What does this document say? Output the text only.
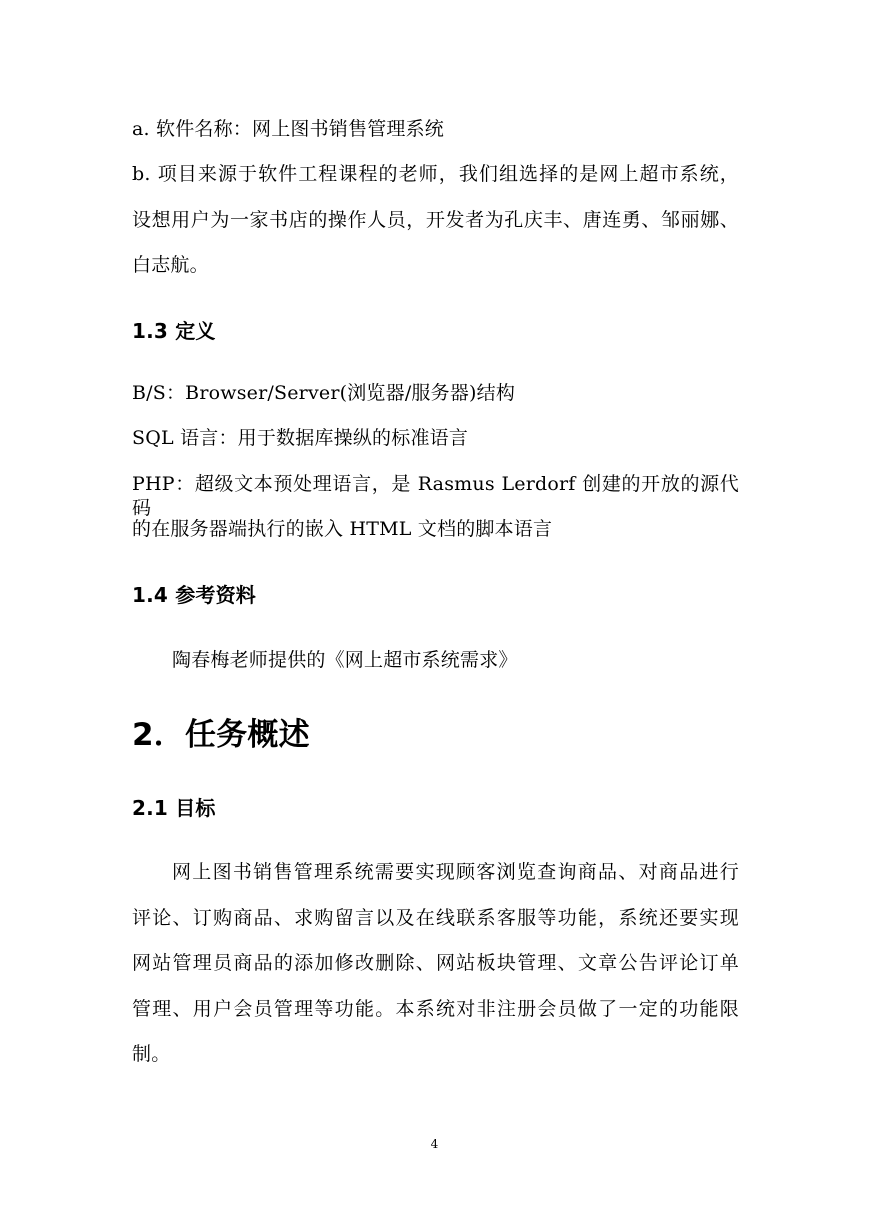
a. 软件名称：网上图书销售管理系统
b. 项目来源于软件工程课程的老师，我们组选择的是网上超市系统，
设想用户为一家书店的操作人员，开发者为孔庆丰、唐连勇、邹丽娜、
白志航。
1.3 定义
B/S：Browser/Server(浏览器/服务器)结构
SQL 语言：用于数据库操纵的标准语言
PHP：超级文本预处理语言，是 Rasmus Lerdorf 创建的开放的源代码
的在服务器端执行的嵌入 HTML 文档的脚本语言
1.4 参考资料
陶春梅老师提供的《网上超市系统需求》
2．任务概述
2.1 目标
网上图书销售管理系统需要实现顾客浏览查询商品、对商品进行
评论、订购商品、求购留言以及在线联系客服等功能，系统还要实现
网站管理员商品的添加修改删除、网站板块管理、文章公告评论订单
管理、用户会员管理等功能。本系统对非注册会员做了一定的功能限
制。
4
